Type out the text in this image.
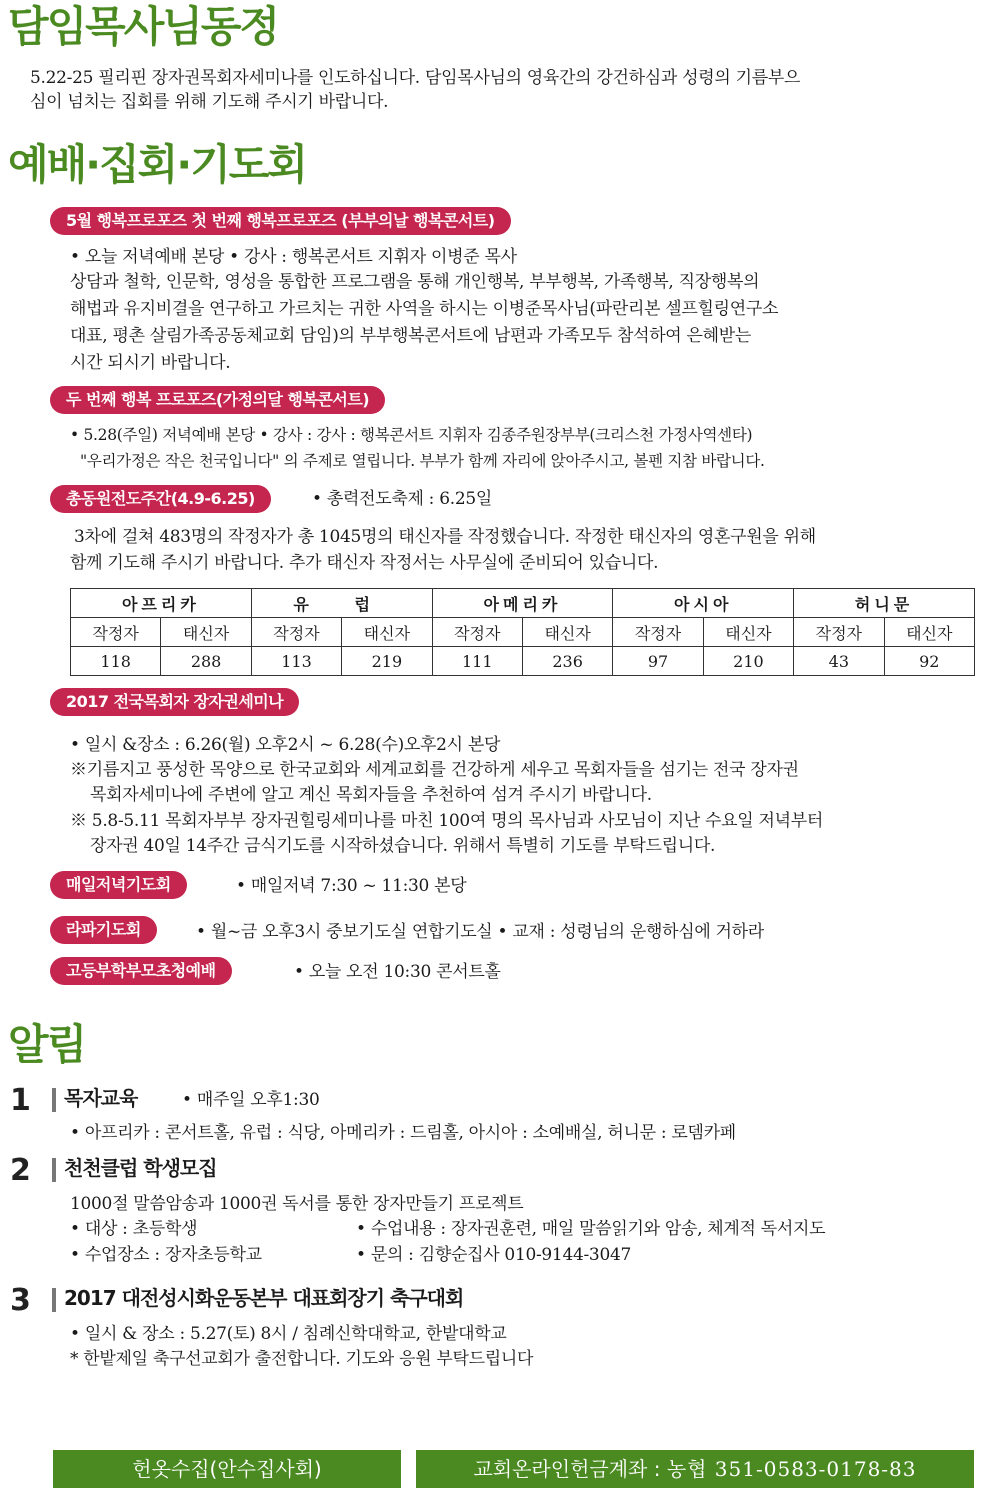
담임목사님동정
5.22-25 필리핀 장자권목회자세미나를 인도하십니다. 담임목사님의 영육간의 강건하심과 성령의 기름부으
심이 넘치는 집회를 위해 기도해 주시기 바랍니다.
예배·집회·기도회
5월 행복프로포즈 첫 번째 행복프로포즈 (부부의날 행복콘서트)
• 오늘 저녁예배 본당 • 강사 : 행복콘서트 지휘자 이병준 목사
상담과 철학, 인문학, 영성을 통합한 프로그램을 통해 개인행복, 부부행복, 가족행복, 직장행복의
해법과 유지비결을 연구하고 가르치는 귀한 사역을 하시는 이병준목사님(파란리본 셀프힐링연구소
대표, 평촌 살림가족공동체교회 담임)의 부부행복콘서트에 남편과 가족모두 참석하여 은혜받는
시간 되시기 바랍니다.
두 번째 행복 프로포즈(가정의달 행복콘서트)
• 5.28(주일) 저녁예배 본당 • 강사 : 강사 : 행복콘서트 지휘자 김종주원장부부(크리스천 가정사역센타)
"우리가정은 작은 천국입니다" 의 주제로 열립니다. 부부가 함께 자리에 앉아주시고, 볼펜 지참 바랍니다.
총동원전도주간(4.9-6.25)	• 총력전도축제 : 6.25일
3차에 걸쳐 483명의 작정자가 총 1045명의 태신자를 작정했습니다. 작정한 태신자의 영혼구원을 위해
함께 기도해 주시기 바랍니다. 추가 태신자 작정서는 사무실에 준비되어 있습니다.
아프리카		유 럽		아메리카		아시아		허니문	
작정자	태신자	작정자	태신자	작정자	태신자	작정자	태신자	작정자	태신자
118	288	113	219	111	236	97	210	43	92
2017 전국목회자 장자권세미나
• 일시 &장소 : 6.26(월) 오후2시 ~ 6.28(수)오후2시 본당
※기름지고 풍성한 목양으로 한국교회와 세계교회를 건강하게 세우고 목회자들을 섬기는 전국 장자권
목회자세미나에 주변에 알고 계신 목회자들을 추천하여 섬겨 주시기 바랍니다.
※ 5.8-5.11 목회자부부 장자권힐링세미나를 마친 100여 명의 목사님과 사모님이 지난 수요일 저녁부터
장자권 40일 14주간 금식기도를 시작하셨습니다. 위해서 특별히 기도를 부탁드립니다.
매일저녁기도회	• 매일저녁 7:30 ~ 11:30 본당
라파기도회	• 월~금 오후3시 중보기도실 연합기도실 • 교재 : 성령님의 운행하심에 거하라
고등부학부모초청예배	• 오늘 오전 10:30 콘서트홀
알림
1 목자교육	• 매주일 오후1:30
• 아프리카 : 콘서트홀, 유럽 : 식당, 아메리카 : 드림홀, 아시아 : 소예배실, 허니문 : 로뎀카페
2 천천클럽 학생모집
1000절 말씀암송과 1000권 독서를 통한 장자만들기 프로젝트
• 대상 : 초등학생	• 수업내용 : 장자권훈련, 매일 말씀읽기와 암송, 체계적 독서지도
• 수업장소 : 장자초등학교	• 문의 : 김향순집사 010-9144-3047
3 2017 대전성시화운동본부 대표회장기 축구대회
• 일시 & 장소 : 5.27(토) 8시 / 침례신학대학교, 한밭대학교
* 한밭제일 축구선교회가 출전합니다. 기도와 응원 부탁드립니다
헌옷수집(안수집사회)	교회온라인헌금계좌 : 농협 351-0583-0178-83
